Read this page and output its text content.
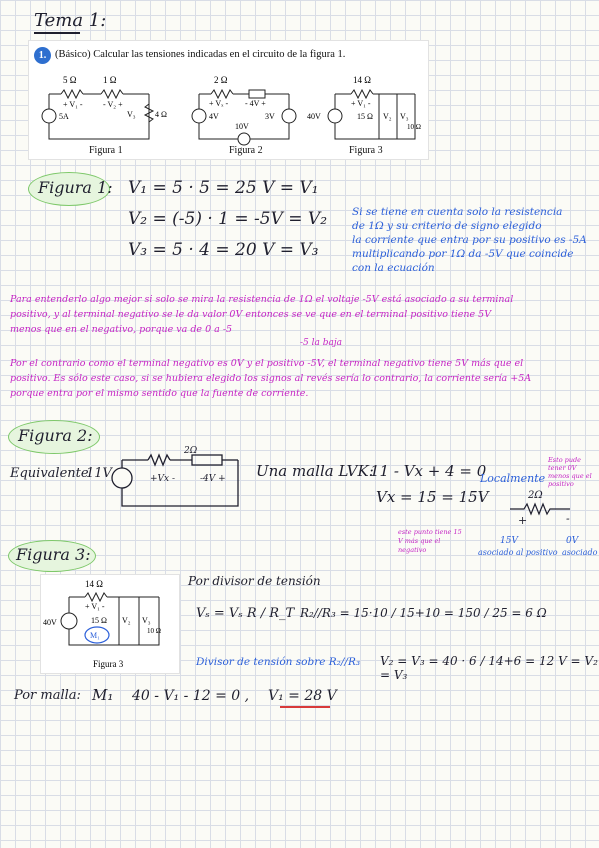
Tema 1:
1. (Básico) Calcular las tensiones indicadas en el circuito de la figura 1.
5 Ω	1 Ω
+ V₁ -	- V₂ +
V₃ 4 Ω
5A
Figura 1
2 Ω
+ Vₓ - - 4V +
4V	3V
10V
Figura 2
14 Ω
+ V₁ -
40V	15 Ω V₂ V₃
10 Ω
Figura 3
Figura 1: V₁ = 5 · 5 = 25 V = V₁
V₂ = (-5) · 1 = -5V = V₂
V₃ = 5 · 4 = 20 V = V₃
Si se tiene en cuenta solo la resistencia
de 1Ω y su criterio de signo elegido
la corriente que entra por su positivo es -5A
multiplicando por 1Ω da -5V que coincide
con la ecuación
Para entenderlo algo mejor si solo se mira la resistencia de 1Ω el voltaje -5V está asociado a su terminal
positivo, y al terminal negativo se le da valor 0V entonces se ve que en el terminal positivo tiene 5V
menos que en el negativo, porque va de 0 a -5
-5 la baja
Por el contrario como el terminal negativo es 0V y el positivo -5V, el terminal negativo tiene 5V más que el
positivo. Es sólo este caso, si se hubiera elegido los signos al revés sería lo contrario, la corriente sería +5A
porque entra por el mismo sentido que la fuente de corriente.
Figura 2:
Equivalente
11V
2Ω
+Vx -	-4V + Una malla LVK:
11 - Vx + 4 = 0
Vx = 15 = 15V
Localmente
Esto pude tener 0V menos que el positivo
2Ω
+	-
15V
asociado al positivo
0V
asociado
este punto tiene 15 V más que el negativo
Figura 3:
14 Ω
+ V₁ -
40V	15 Ω V₂ V₃
10 Ω
M₁
Figura 3
Por divisor de tensión
Vₛ = Vₛ R / R_T R₂//R₃ = 15·10 / 15+10 = 150 / 25 = 6 Ω
Divisor de tensión sobre R₂//R₃ V₂ = V₃ = 40 · 6 / 14+6 = 12 V = V₂ = V₃
Por malla: M₁ 40 - V₁ - 12 = 0 , V₁ = 28 V
